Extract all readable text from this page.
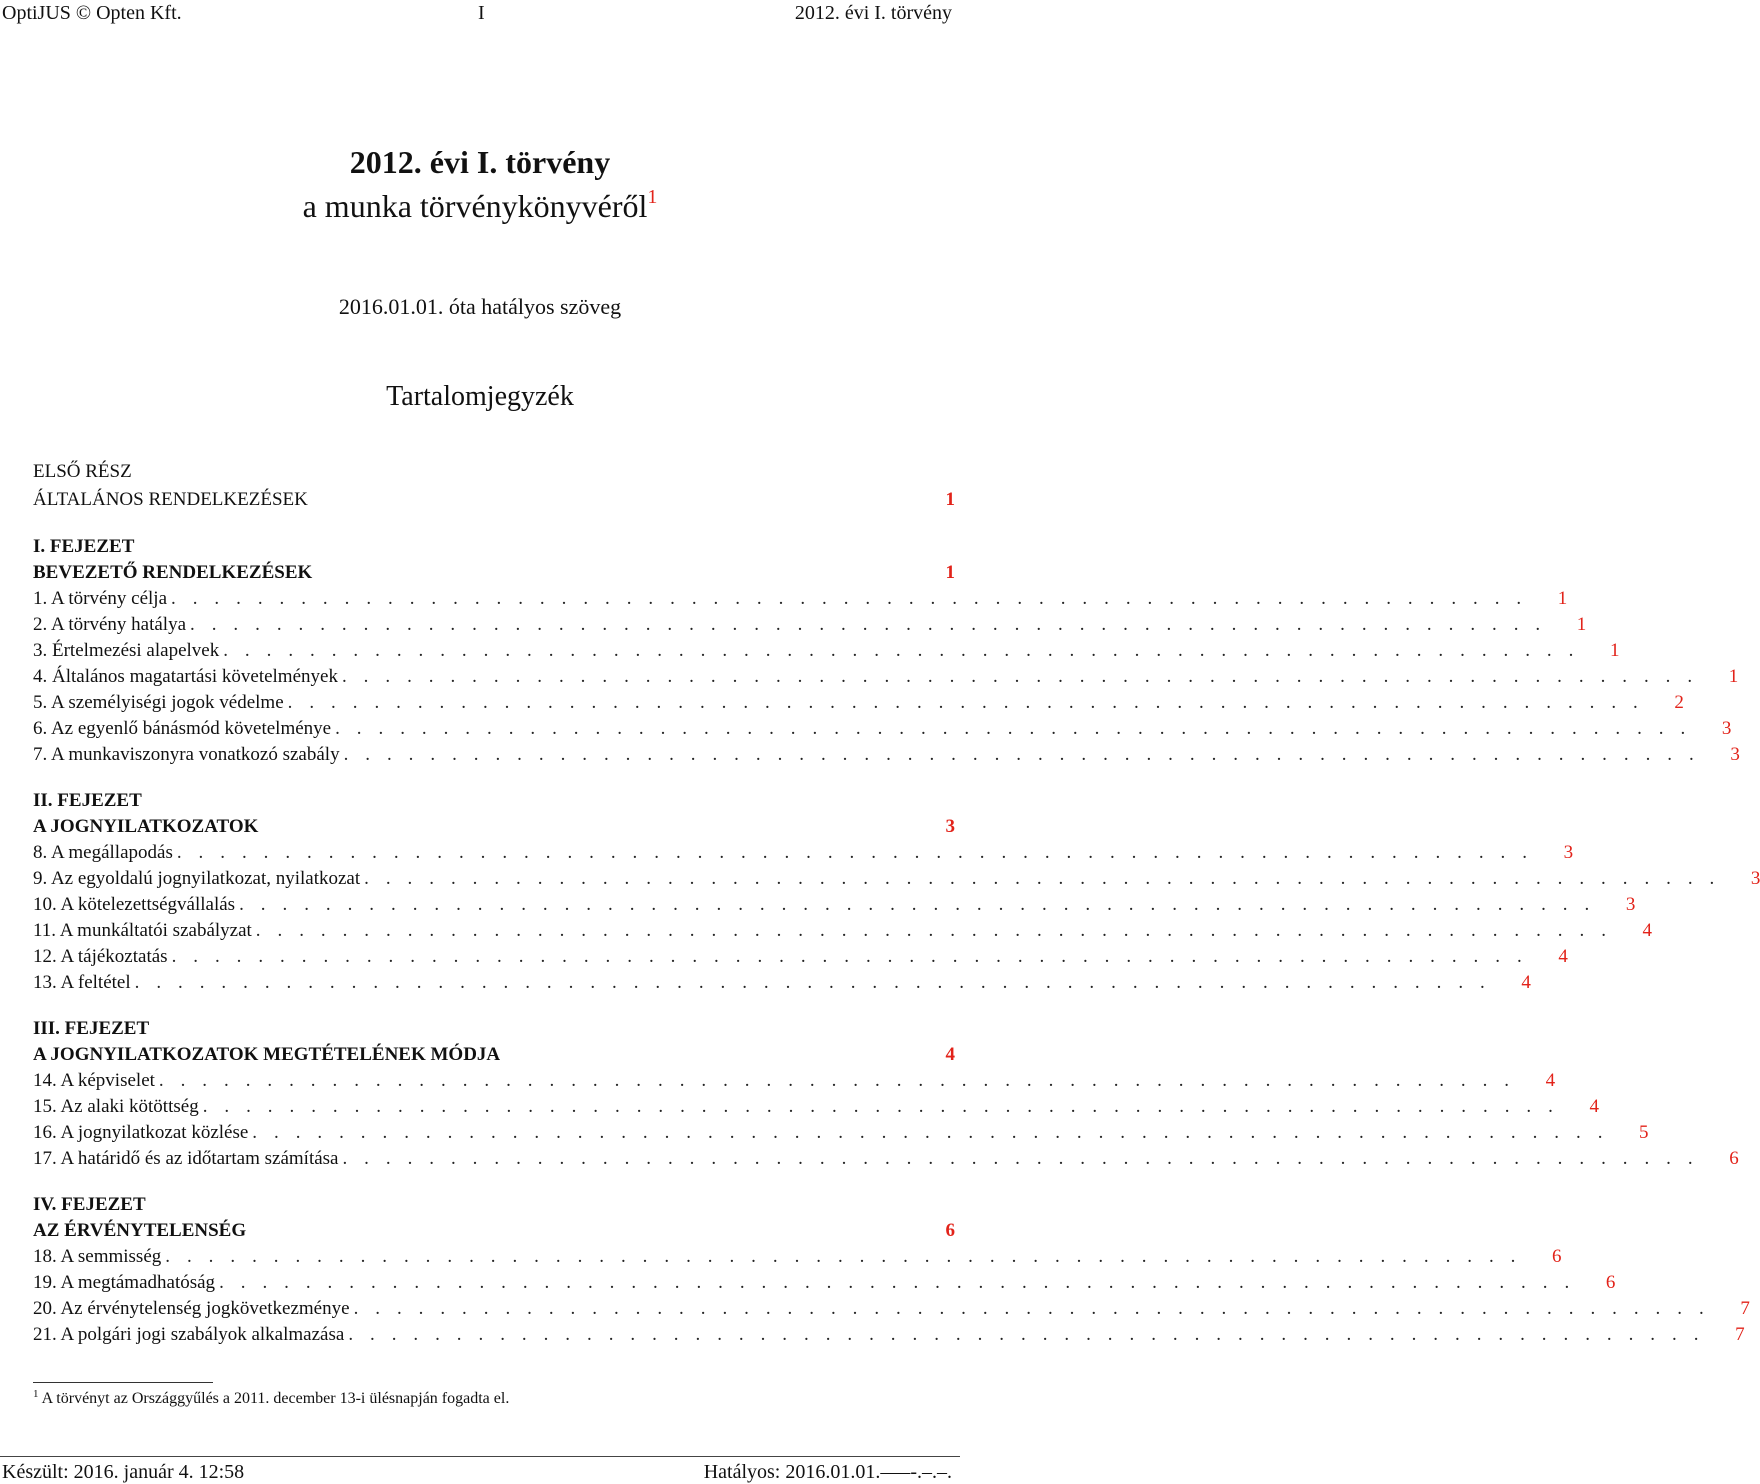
OptiJUS © Opten Kft.	I	2012. évi I. törvény

2012. évi I. törvény

a munka törvénykönyvéről$^1$

2016.01.01. óta hatályos szöveg
Tartalomjegyzék
ELSŐ RÉSZ
ÁLTALÁNOS RENDELKEZÉSEK	1
I. FEJEZET
BEVEZETŐ RENDELKEZÉSEK	1
1. A törvény célja . . . . . . . . . . . . . . . . . . . . . . . . . . . . . . . . . . . . . . . . . . . . . . . . . . . . . . . . . . . . . . .	1
2. A törvény hatálya . . . . . . . . . . . . . . . . . . . . . . . . . . . . . . . . . . . . . . . . . . . . . . . . . . . . . . . . . . . . . . .	1
3. Értelmezési alapelvek . . . . . . . . . . . . . . . . . . . . . . . . . . . . . . . . . . . . . . . . . . . . . . . . . . . . . . . . . . . . . . .	1
4. Általános magatartási követelmények . . . . . . . . . . . . . . . . . . . . . . . . . . . . . . . . . . . . . . . . . . . . . . . . . . . . . . . . . . . . . . .	1
5. A személyiségi jogok védelme . . . . . . . . . . . . . . . . . . . . . . . . . . . . . . . . . . . . . . . . . . . . . . . . . . . . . . . . . . . . . . .	2
6. Az egyenlő bánásmód követelménye . . . . . . . . . . . . . . . . . . . . . . . . . . . . . . . . . . . . . . . . . . . . . . . . . . . . . . . . . . . . . . .	3
7. A munkaviszonyra vonatkozó szabály . . . . . . . . . . . . . . . . . . . . . . . . . . . . . . . . . . . . . . . . . . . . . . . . . . . . . . . . . . . . . . .	3
II. FEJEZET
A JOGNYILATKOZATOK	3
8. A megállapodás . . . . . . . . . . . . . . . . . . . . . . . . . . . . . . . . . . . . . . . . . . . . . . . . . . . . . . . . . . . . . . .	3
9. Az egyoldalú jognyilatkozat, nyilatkozat . . . . . . . . . . . . . . . . . . . . . . . . . . . . . . . . . . . . . . . . . . . . . . . . . . . . . . . . . . . . . . .	3
10. A kötelezettségvállalás . . . . . . . . . . . . . . . . . . . . . . . . . . . . . . . . . . . . . . . . . . . . . . . . . . . . . . . . . . . . . . .	3
11. A munkáltatói szabályzat . . . . . . . . . . . . . . . . . . . . . . . . . . . . . . . . . . . . . . . . . . . . . . . . . . . . . . . . . . . . . . .	4
12. A tájékoztatás . . . . . . . . . . . . . . . . . . . . . . . . . . . . . . . . . . . . . . . . . . . . . . . . . . . . . . . . . . . . . . .	4
13. A feltétel . . . . . . . . . . . . . . . . . . . . . . . . . . . . . . . . . . . . . . . . . . . . . . . . . . . . . . . . . . . . . . .	4
III. FEJEZET
A JOGNYILATKOZATOK MEGTÉTELÉNEK MÓDJA	4
14. A képviselet . . . . . . . . . . . . . . . . . . . . . . . . . . . . . . . . . . . . . . . . . . . . . . . . . . . . . . . . . . . . . . .	4
15. Az alaki kötöttség . . . . . . . . . . . . . . . . . . . . . . . . . . . . . . . . . . . . . . . . . . . . . . . . . . . . . . . . . . . . . . .	4
16. A jognyilatkozat közlése . . . . . . . . . . . . . . . . . . . . . . . . . . . . . . . . . . . . . . . . . . . . . . . . . . . . . . . . . . . . . . .	5
17. A határidő és az időtartam számítása . . . . . . . . . . . . . . . . . . . . . . . . . . . . . . . . . . . . . . . . . . . . . . . . . . . . . . . . . . . . . . .	6
IV. FEJEZET
AZ ÉRVÉNYTELENSÉG	6
18. A semmisség . . . . . . . . . . . . . . . . . . . . . . . . . . . . . . . . . . . . . . . . . . . . . . . . . . . . . . . . . . . . . . .	6
19. A megtámadhatóság . . . . . . . . . . . . . . . . . . . . . . . . . . . . . . . . . . . . . . . . . . . . . . . . . . . . . . . . . . . . . . .	6
20. Az érvénytelenség jogkövetkezménye . . . . . . . . . . . . . . . . . . . . . . . . . . . . . . . . . . . . . . . . . . . . . . . . . . . . . . . . . . . . . . .	7
21. A polgári jogi szabályok alkalmazása . . . . . . . . . . . . . . . . . . . . . . . . . . . . . . . . . . . . . . . . . . . . . . . . . . . . . . . . . . . . . . .	7
$^1$ A törvényt az Országgyűlés a 2011. december 13-i ülésnapján fogadta el.
Készült: 2016. január 4. 12:58	Hatályos: 2016.01.01.–––-.–.–.
